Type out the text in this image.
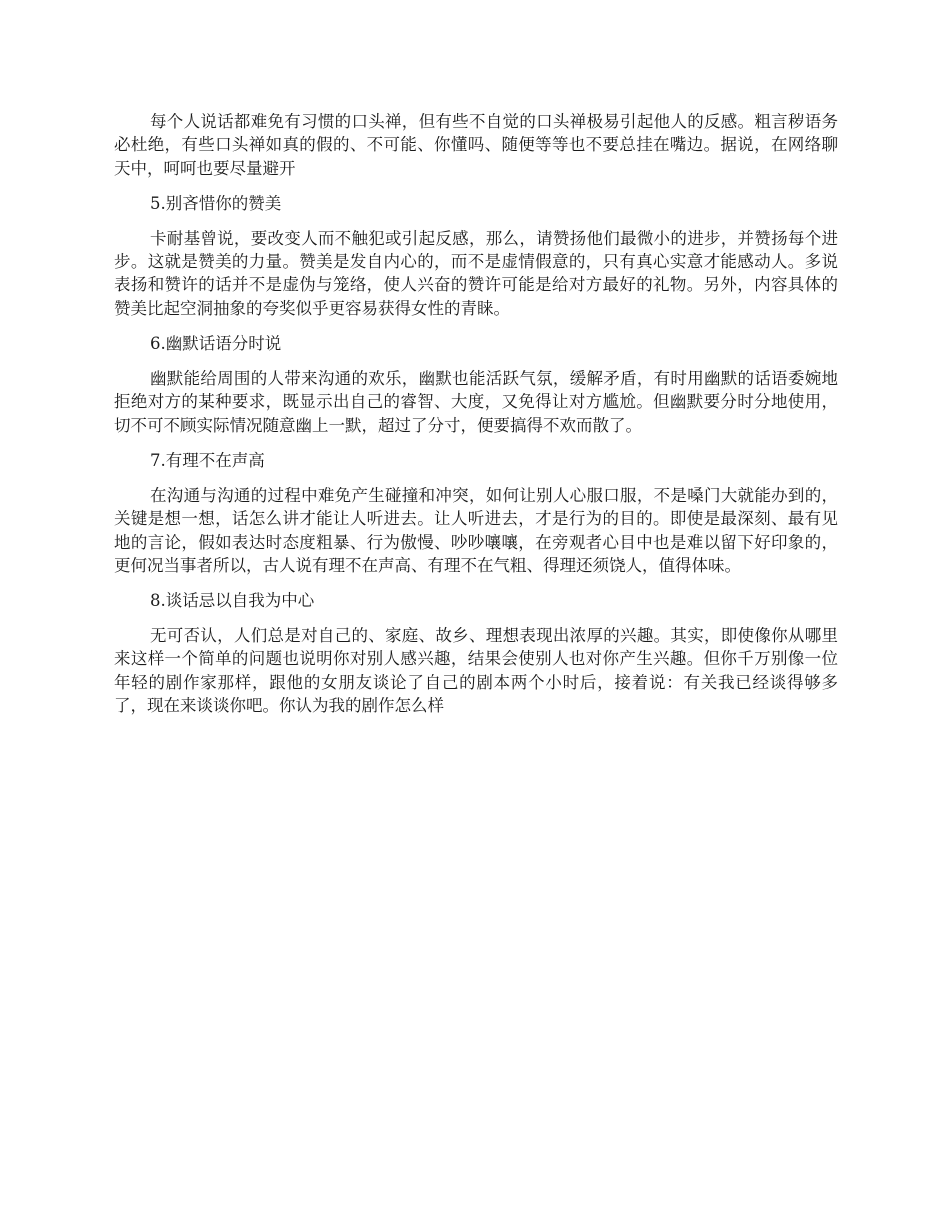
每个人说话都难免有习惯的口头禅，但有些不自觉的口头禅极易引起他人的反感。粗言秽语务必杜绝，有些口头禅如真的假的、不可能、你懂吗、随便等等也不要总挂在嘴边。据说，在网络聊天中，呵呵也要尽量避开

5.别吝惜你的赞美

卡耐基曾说，要改变人而不触犯或引起反感，那么，请赞扬他们最微小的进步，并赞扬每个进步。这就是赞美的力量。赞美是发自内心的，而不是虚情假意的，只有真心实意才能感动人。多说表扬和赞许的话并不是虚伪与笼络，使人兴奋的赞许可能是给对方最好的礼物。另外，内容具体的赞美比起空洞抽象的夸奖似乎更容易获得女性的青睐。

6.幽默话语分时说

幽默能给周围的人带来沟通的欢乐，幽默也能活跃气氛，缓解矛盾，有时用幽默的话语委婉地拒绝对方的某种要求，既显示出自己的睿智、大度，又免得让对方尴尬。但幽默要分时分地使用，切不可不顾实际情况随意幽上一默，超过了分寸，便要搞得不欢而散了。

7.有理不在声高

在沟通与沟通的过程中难免产生碰撞和冲突，如何让别人心服口服，不是嗓门大就能办到的，关键是想一想，话怎么讲才能让人听进去。让人听进去，才是行为的目的。即使是最深刻、最有见地的言论，假如表达时态度粗暴、行为傲慢、吵吵嚷嚷，在旁观者心目中也是难以留下好印象的，更何况当事者所以，古人说有理不在声高、有理不在气粗、得理还须饶人，值得体味。

8.谈话忌以自我为中心

无可否认，人们总是对自己的、家庭、故乡、理想表现出浓厚的兴趣。其实，即使像你从哪里来这样一个简单的问题也说明你对别人感兴趣，结果会使别人也对你产生兴趣。但你千万别像一位年轻的剧作家那样，跟他的女朋友谈论了自己的剧本两个小时后，接着说：有关我已经谈得够多了，现在来谈谈你吧。你认为我的剧作怎么样
